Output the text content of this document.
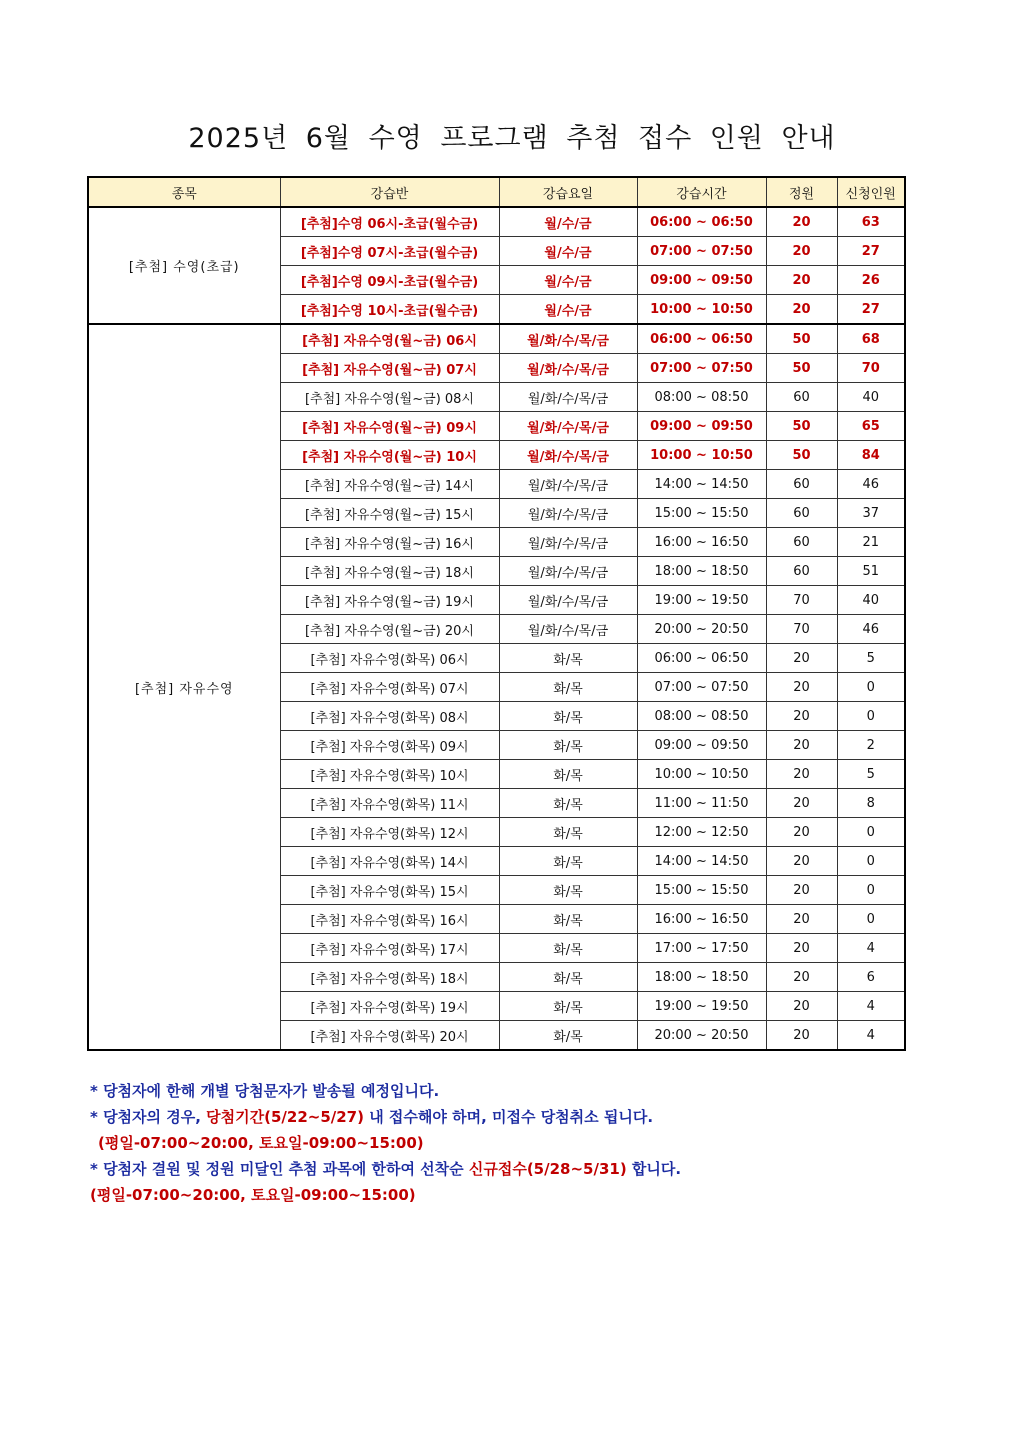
2025년 6월 수영 프로그램 추첨 접수 인원 안내
종목	강습반	강습요일	강습시간	정원	신청인원
[추첨] 수영(초급)	[추첨]수영 06시-초급(월수금)	월/수/금	06:00 ~ 06:50	20	63
	[추첨]수영 07시-초급(월수금)	월/수/금	07:00 ~ 07:50	20	27
	[추첨]수영 09시-초급(월수금)	월/수/금	09:00 ~ 09:50	20	26
	[추첨]수영 10시-초급(월수금)	월/수/금	10:00 ~ 10:50	20	27
[추첨] 자유수영	[추첨] 자유수영(월~금) 06시	월/화/수/목/금	06:00 ~ 06:50	50	68
	[추첨] 자유수영(월~금) 07시	월/화/수/목/금	07:00 ~ 07:50	50	70
	[추첨] 자유수영(월~금) 08시	월/화/수/목/금	08:00 ~ 08:50	60	40
	[추첨] 자유수영(월~금) 09시	월/화/수/목/금	09:00 ~ 09:50	50	65
	[추첨] 자유수영(월~금) 10시	월/화/수/목/금	10:00 ~ 10:50	50	84
	[추첨] 자유수영(월~금) 14시	월/화/수/목/금	14:00 ~ 14:50	60	46
	[추첨] 자유수영(월~금) 15시	월/화/수/목/금	15:00 ~ 15:50	60	37
	[추첨] 자유수영(월~금) 16시	월/화/수/목/금	16:00 ~ 16:50	60	21
	[추첨] 자유수영(월~금) 18시	월/화/수/목/금	18:00 ~ 18:50	60	51
	[추첨] 자유수영(월~금) 19시	월/화/수/목/금	19:00 ~ 19:50	70	40
	[추첨] 자유수영(월~금) 20시	월/화/수/목/금	20:00 ~ 20:50	70	46
	[추첨] 자유수영(화목) 06시	화/목	06:00 ~ 06:50	20	5
	[추첨] 자유수영(화목) 07시	화/목	07:00 ~ 07:50	20	0
	[추첨] 자유수영(화목) 08시	화/목	08:00 ~ 08:50	20	0
	[추첨] 자유수영(화목) 09시	화/목	09:00 ~ 09:50	20	2
	[추첨] 자유수영(화목) 10시	화/목	10:00 ~ 10:50	20	5
	[추첨] 자유수영(화목) 11시	화/목	11:00 ~ 11:50	20	8
	[추첨] 자유수영(화목) 12시	화/목	12:00 ~ 12:50	20	0
	[추첨] 자유수영(화목) 14시	화/목	14:00 ~ 14:50	20	0
	[추첨] 자유수영(화목) 15시	화/목	15:00 ~ 15:50	20	0
	[추첨] 자유수영(화목) 16시	화/목	16:00 ~ 16:50	20	0
	[추첨] 자유수영(화목) 17시	화/목	17:00 ~ 17:50	20	4
	[추첨] 자유수영(화목) 18시	화/목	18:00 ~ 18:50	20	6
	[추첨] 자유수영(화목) 19시	화/목	19:00 ~ 19:50	20	4
	[추첨] 자유수영(화목) 20시	화/목	20:00 ~ 20:50	20	4
* 당첨자에 한해 개별 당첨문자가 발송될 예정입니다.
* 당첨자의 경우, 당첨기간(5/22~5/27) 내 접수해야 하며, 미접수 당첨취소 됩니다.
(평일-07:00~20:00, 토요일-09:00~15:00)
* 당첨자 결원 및 정원 미달인 추첨 과목에 한하여 선착순 신규접수(5/28~5/31) 합니다.
(평일-07:00~20:00, 토요일-09:00~15:00)
